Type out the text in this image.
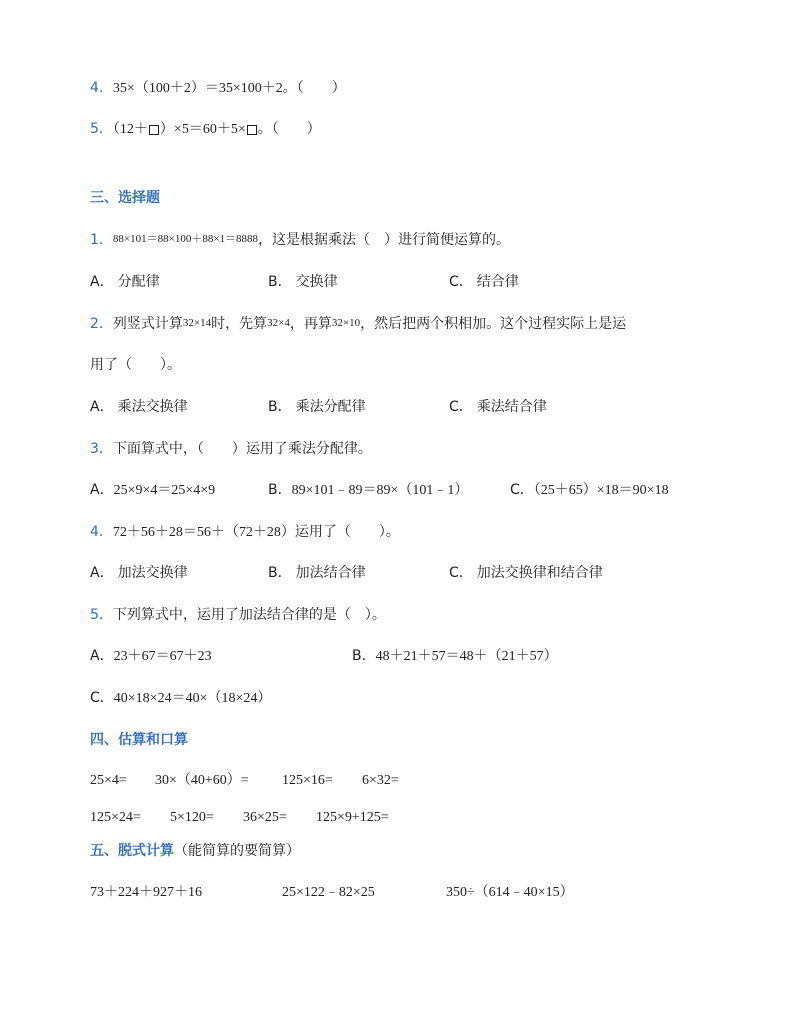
4．35×（100＋2）＝35×100＋2。（　　）
5．（12＋ ）×5＝60＋5× 。（　　）
三、选择题
1．88×101＝88×100＋88×1＝8888，这是根据乘法（　）进行简便运算的。
A． 分配律	B． 交换律	C． 结合律
2．列竖式计算32×14时，先算32×4，再算32×10，然后把两个积相加。这个过程实际上是运
用了（　　）。
A． 乘法交换律	B． 乘法分配律	C． 乘法结合律
3．下面算式中，（　　）运用了乘法分配律。
A．25×9×4＝25×4×9	B．89×101﹣89＝89×（101﹣1）	C．（25＋65）×18＝90×18
4．72＋56＋28＝56＋（72＋28）运用了（　　）。
A． 加法交换律	B． 加法结合律	C． 加法交换律和结合律
5．下列算式中，运用了加法结合律的是（　）。
A．23＋67＝67＋23	B．48＋21＋57＝48＋（21＋57）
C．40×18×24＝40×（18×24）
四、估算和口算
25×4= 30×（40+60）= 125×16= 6×32=
125×24= 5×120= 36×25= 125×9+125=
五、脱式计算（能简算的要简算）
73＋224＋927＋16	25×122﹣82×25	350÷（614﹣40×15）
